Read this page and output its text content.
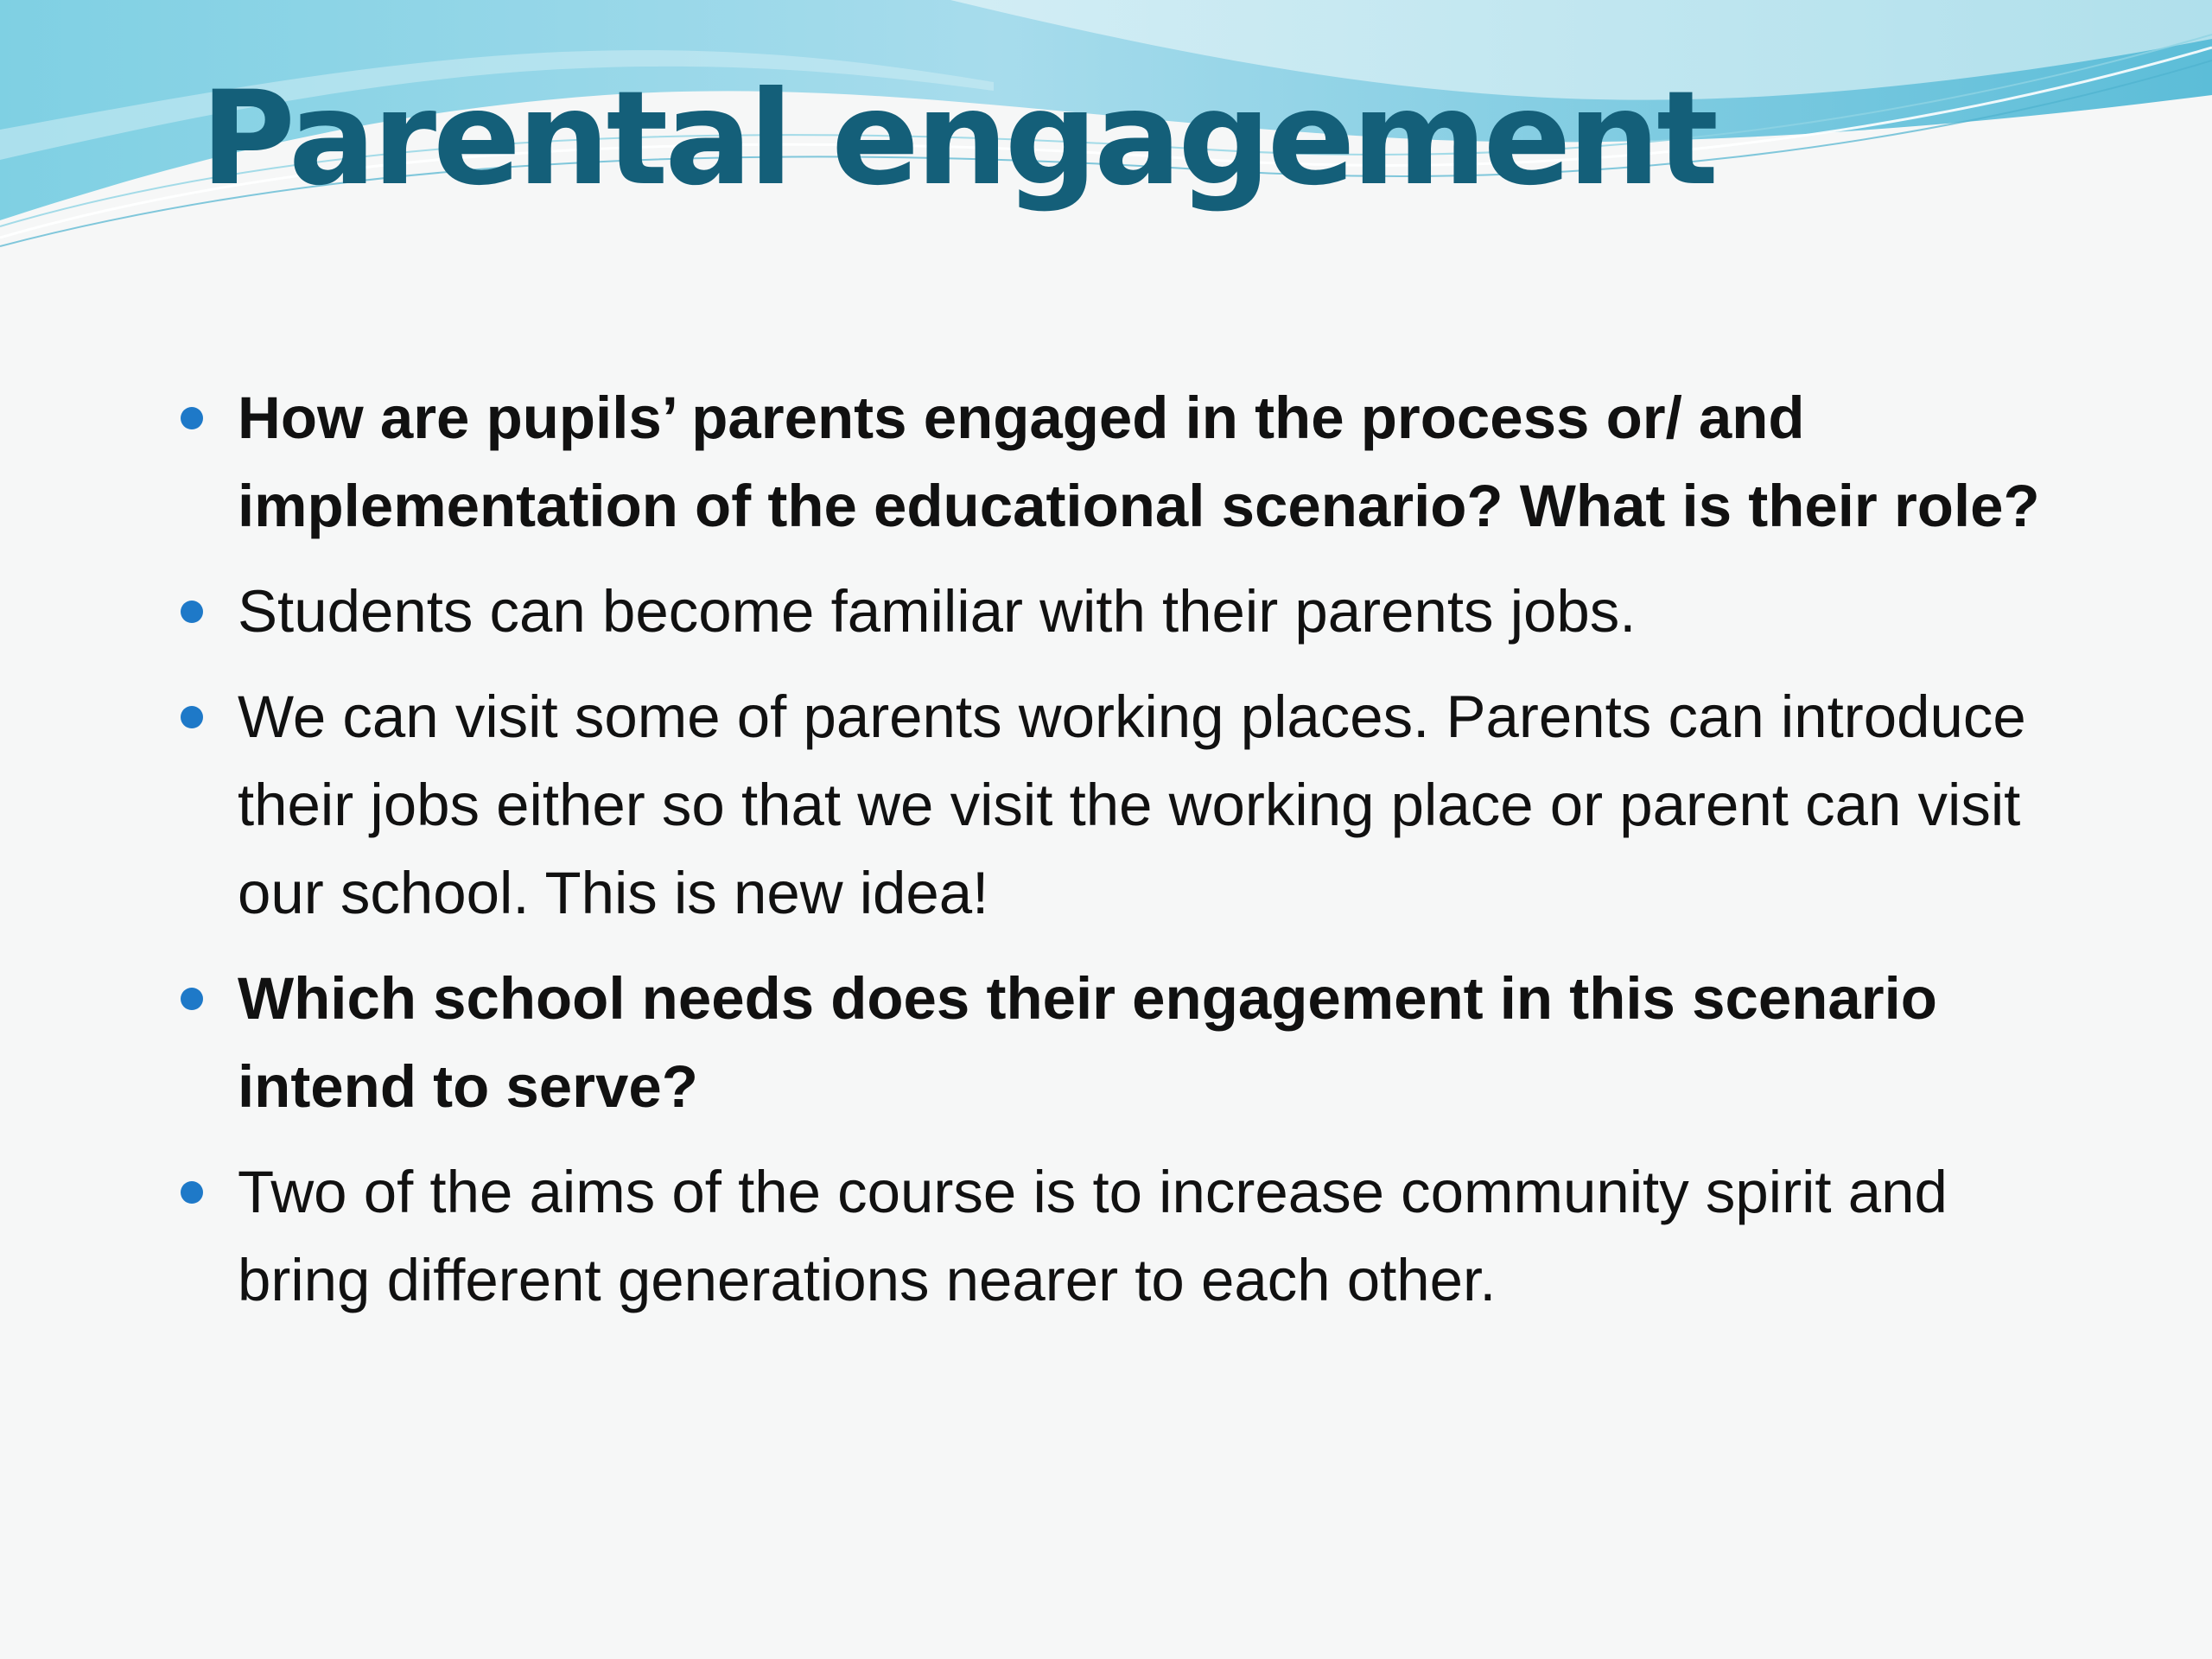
Parental engagement
How are pupils’ parents engaged in the process or/ and implementation of the educational scenario? What is their role?
Students can become familiar with their parents jobs.
We can visit some of parents working places. Parents can introduce their jobs either so that we visit the working place or parent can visit our school. This is new idea!
Which school needs does their engagement in this scenario intend to serve?
Two of the aims of the course is to increase community spirit and bring different generations nearer to each other.
